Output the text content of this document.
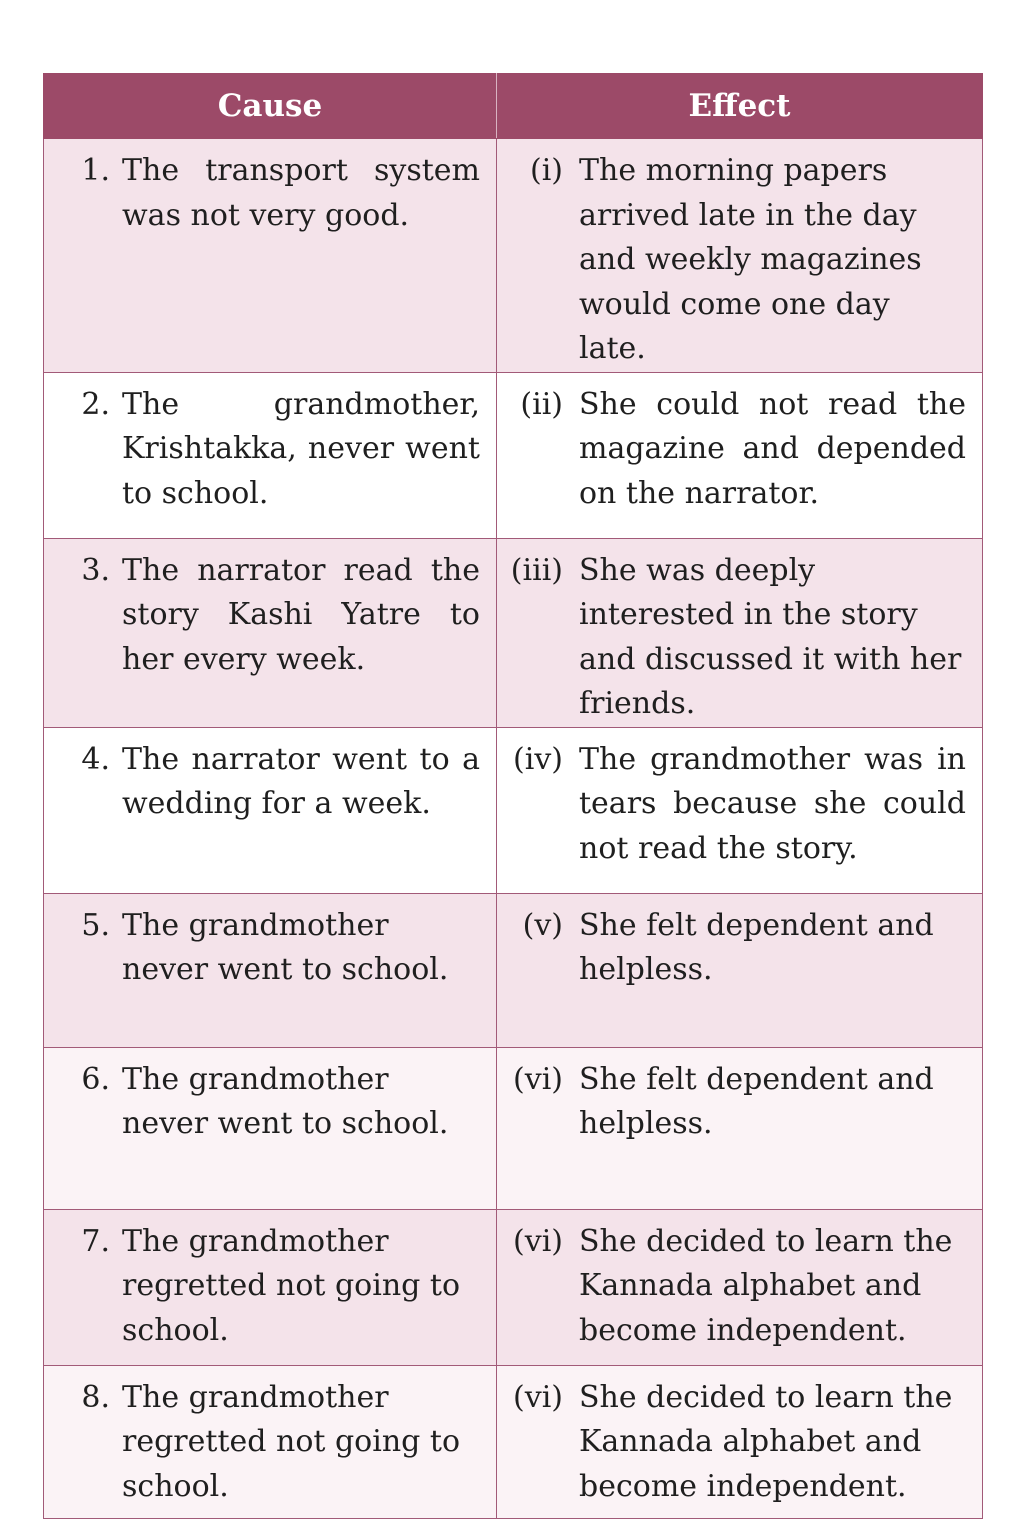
Cause	Effect

1. The transport system was not very good.	(i) The morning papers arrived late in the day and weekly magazines would come one day late.

2. The grandmother, Krishtakka, never went to school.	(ii) She could not read the magazine and depended on the narrator.

3. The narrator read the story Kashi Yatre to her every week.	(iii) She was deeply interested in the story and discussed it with her friends.

4. The narrator went to a wedding for a week.	(iv) The grandmother was in tears because she could not read the story.

5. The grandmother never went to school.	(v) She felt dependent and helpless.

6. The grandmother never went to school.	(vi) She felt dependent and helpless.

7. The grandmother regretted not going to school.	(vi) She decided to learn the Kannada alphabet and become independent.

8. The grandmother regretted not going to school.	(vi) She decided to learn the Kannada alphabet and become independent.
